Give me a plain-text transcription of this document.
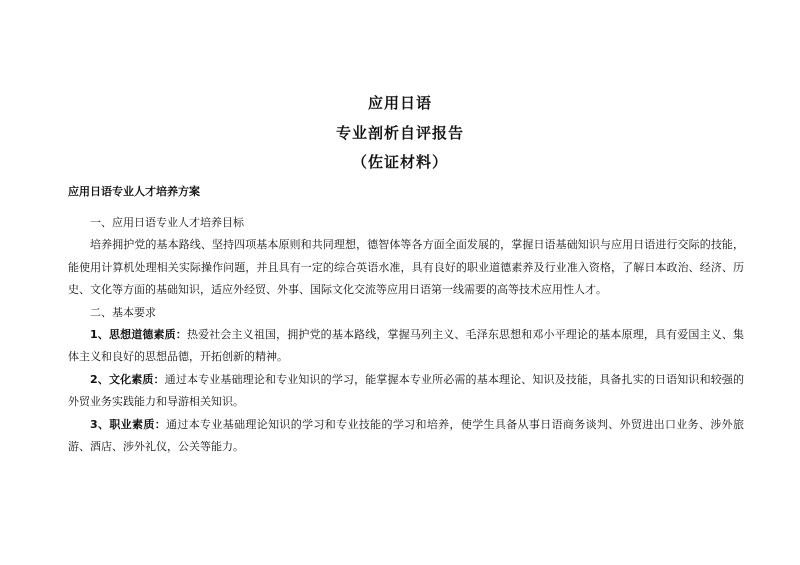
应用日语
专业剖析自评报告
（佐证材料）
应用日语专业人才培养方案

一、应用日语专业人才培养目标

培养拥护党的基本路线、坚持四项基本原则和共同理想，德智体等各方面全面发展的，掌握日语基础知识与应用日语进行交际的技能，能使用计算机处理相关实际操作问题，并且具有一定的综合英语水准，具有良好的职业道德素养及行业准入资格，了解日本政治、经济、历史、文化等方面的基础知识，适应外经贸、外事、国际文化交流等应用日语第一线需要的高等技术应用性人才。

二、基本要求

1、思想道德素质：热爱社会主义祖国，拥护党的基本路线，掌握马列主义、毛泽东思想和邓小平理论的基本原理，具有爱国主义、集体主义和良好的思想品德，开拓创新的精神。

2、文化素质：通过本专业基础理论和专业知识的学习，能掌握本专业所必需的基本理论、知识及技能，具备扎实的日语知识和较强的外贸业务实践能力和导游相关知识。

3、职业素质：通过本专业基础理论知识的学习和专业技能的学习和培养，使学生具备从事日语商务谈判、外贸进出口业务、涉外旅游、酒店、涉外礼仪，公关等能力。
